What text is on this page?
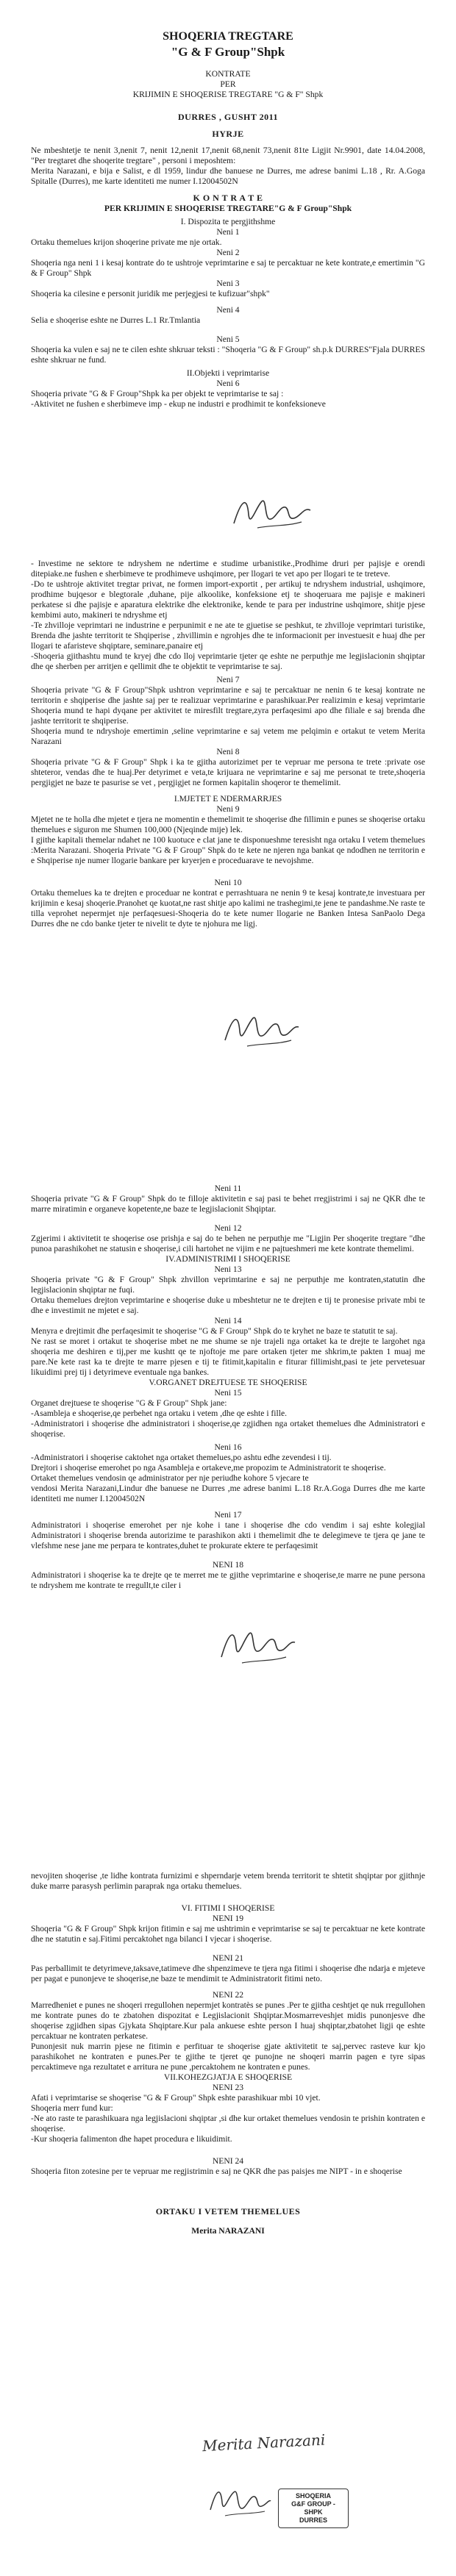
SHOQERIA TREGTARE
"G & F Group"Shpk
KONTRATE
PER
KRIJIMIN E SHOQERISE TREGTARE "G & F" Shpk
DURRES , GUSHT 2011
HYRJE
Ne mbeshtetje te nenit 3,nenit 7, nenit 12,nenit 17,nenit 68,nenit 73,nenit 81te Ligjit Nr.9901, date 14.04.2008, "Per tregtaret dhe shoqerite tregtare" , personi i meposhtem:
Merita Narazani, e bija e Salist, e dl 1959, lindur dhe banuese ne Durres, me adrese banimi L.18 , Rr. A.Goga Spitalle (Durres), me karte identiteti me numer I.12004502N
K O N T R A T E
PER KRIJIMIN E SHOQERISE TREGTARE"G & F Group"Shpk
I. Dispozita te pergjithshme
Neni 1
Ortaku themelues krijon shoqerine private me nje ortak.
Neni 2
Shoqeria nga neni 1 i kesaj kontrate do te ushtroje veprimtarine e saj te percaktuar ne kete kontrate,e emertimin "G & F Group" Shpk
Neni 3
Shoqeria ka cilesine e personit juridik me perjegjesi te kufizuar"shpk"
Neni 4
Selia e shoqerise eshte ne Durres L.1 Rr.Tmlantia
Neni 5
Shoqeria ka vulen e saj ne te cilen eshte shkruar teksti : "Shoqeria "G & F Group" sh.p.k DURRES"Fjala DURRES eshte shkruar ne fund.
II.Objekti i veprimtarise
Neni 6
Shoqeria private "G & F Group"Shpk ka per objekt te veprimtarise te saj :
-Aktivitet ne fushen e sherbimeve imp - ekup ne industri e prodhimit te konfeksioneve
- Investime ne sektore te ndryshem ne ndertime e studime urbanistike.,Prodhime druri per pajisje e orendi ditepiake.ne fushen e sherbimeve te prodhimeve ushqimore, per llogari te vet apo per llogari te te treteve.
-Do te ushtroje aktivitet tregtar privat, ne formen import-exportit , per artikuj te ndryshem industrial, ushqimore, prodhime bujqesor e blegtorale ,duhane, pije alkoolike, konfeksione etj te shoqeruara me pajisje e makineri perkatese si dhe pajisje e aparatura elektrike dhe elektronike, kende te para per industrine ushqimore, shitje pjese kembimi auto, makineri te ndryshme etj
-Te zhvilloje veprimtari ne industrine e perpunimit e ne ate te gjuetise se peshkut, te zhvilloje veprimtari turistike, Brenda dhe jashte territorit te Shqiperise , zhvillimin e ngrohjes dhe te informacionit per investuesit e huaj dhe per llogari te afaristeve shqiptare, seminare,panaire etj
-Shoqeria gjithashtu mund te kryej dhe cdo lloj veprimtarie tjeter qe eshte ne perputhje me legjislacionin shqiptar dhe qe sherben per arritjen e qellimit dhe te objektit te veprimtarise te saj.
Neni 7
Shoqeria private "G & F Group"Shpk ushtron veprimtarine e saj te percaktuar ne nenin 6 te kesaj kontrate ne territorin e shqiperise dhe jashte saj per te realizuar veprimtarine e parashikuar.Per realizimin e kesaj veprimtarie Shoqeria mund te hapi dyqane per aktivitet te miresfilt tregtare,zyra perfaqesimi apo dhe filiale e saj brenda dhe jashte territorit te shqiperise.
Shoqeria mund te ndryshoje emertimin ,seline veprimtarine e saj vetem me pelqimin e ortakut te vetem Merita Narazani
Neni 8
Shoqeria private "G & F Group" Shpk i ka te gjitha autorizimet per te vepruar me persona te trete :private ose shteteror, vendas dhe te huaj.Per detyrimet e veta,te krijuara ne veprimtarine e saj me personat te trete,shoqeria pergjigjet ne baze te pasurise se vet , pergjigjet ne formen kapitalin shoqeror te themelimit.
I.MJETET E NDERMARRJES
Neni 9
Mjetet ne te holla dhe mjetet e tjera ne momentin e themelimit te shoqerise dhe fillimin e punes se shoqerise ortaku themelues e siguron me Shumen 100,000 (Njeqinde mije) lek.
I gjithe kapitali themelar ndahet ne 100 kuotuce e clat jane te disponueshme teresisht nga ortaku I vetem themelues :Merita Narazani. Shoqeria Private "G & F Group" Shpk do te kete ne njeren nga bankat qe ndodhen ne territorin e e Shqiperise nje numer llogarie bankare per kryerjen e proceduarave te nevojshme.
Neni 10
Ortaku themelues ka te drejten e proceduar ne kontrat e perrashtuara ne nenin 9 te kesaj kontrate,te investuara per krijimin e kesaj shoqerie.Pranohet qe kuotat,ne rast shitje apo kalimi ne trashegimi,te jene te pandashme.Ne raste te tilla veprohet nepermjet nje perfaqesuesi-Shoqeria do te kete numer llogarie ne Banken Intesa SanPaolo Dega Durres dhe ne cdo banke tjeter te nivelit te dyte te njohura me ligj.
Neni 11
Shoqeria private "G & F Group" Shpk do te filloje aktivitetin e saj pasi te behet rregjistrimi i saj ne QKR dhe te marre miratimin e organeve kopetente,ne baze te legjislacionit Shqiptar.
Neni 12
Zgjerimi i aktivitetit te shoqerise ose prishja e saj do te behen ne perputhje me "Ligjin Per shoqerite tregtare "dhe punoa parashikohet ne statusin e shoqerise,i cili hartohet ne vijim e ne pajtueshmeri me kete kontrate themelimi.
IV.ADMINISTRIMI I SHOQERISE
Neni 13
Shoqeria private "G & F Group" Shpk zhvillon veprimtarine e saj ne perputhje me kontraten,statutin dhe legjislacionin shqiptar ne fuqi.
Ortaku themelues drejton veprimtarine e shoqerise duke u mbeshtetur ne te drejten e tij te pronesise private mbi te dhe e investimit ne mjetet e saj.
Neni 14
Menyra e drejtimit dhe perfaqesimit te shoqerise "G & F Group" Shpk do te kryhet ne baze te statutit te saj.
Ne rast se moret i ortakut te shoqerise mbet ne me shume se nje trajeli nga ortaket ka te drejte te largohet nga shoqeria me deshiren e tij,per me kushtt qe te njoftoje me pare ortaken tjeter me shkrim,te pakten 1 muaj me pare.Ne kete rast ka te drejte te marre pjesen e tij te fitimit,kapitalin e fiturar fillimisht,pasi te jete pervetesuar likuidimi prej tij i detyrimeve eventuale nga bankes.
V.ORGANET DREJTUESE TE SHOQERISE
Neni 15
Organet drejtuese te shoqerise "G & F Group" Shpk jane:
-Asambleja e shoqerise,qe perbehet nga ortaku i vetem ,dhe qe eshte i fille.
-Administratori i shoqerise dhe administratori i shoqerise,qe zgjidhen nga ortaket themelues dhe Administratori e shoqerise.
Neni 16
-Administratori i shoqerise caktohet nga ortaket themelues,po ashtu edhe zevendesi i tij.
Drejtori i shoqerise emerohet po nga Asambleja e ortakeve,me propozim te Administratorit te shoqerise.
Ortaket themelues vendosin qe administrator per nje periudhe kohore 5 vjecare te
vendosi Merita Narazani,Lindur dhe banuese ne Durres ,me adrese banimi L.18 Rr.A.Goga Durres dhe me karte identiteti me numer I.12004502N
Neni 17
Administratori i shoqerise emerohet per nje kohe i tane i shoqerise dhe cdo vendim i saj eshte kolegjial Administratori i shoqerise brenda autorizime te parashikon akti i themelimit dhe te delegimeve te tjera qe jane te vlefshme nese jane me perpara te kontrates,duhet te prokurate ektere te perfaqesimit
NENI 18
Administratori i shoqerise ka te drejte qe te merret me te gjithe veprimtarine e shoqerise,te marre ne pune persona te ndryshem me kontrate te rregullt,te ciler i
nevojiten shoqerise ,te lidhe kontrata furnizimi e shperndarje vetem brenda territorit te shtetit shqiptar por gjithnje duke marre parasysh perlimin paraprak nga ortaku themelues.
VI. FITIMI I SHOQERISE
NENI 19
Shoqeria "G & F Group" Shpk krijon fitimin e saj me ushtrimin e veprimtarise se saj te percaktuar ne kete kontrate dhe ne statutin e saj.Fitimi percaktohet nga bilanci I vjecar i shoqerise.
NENI 21
Pas perballimit te detyrimeve,taksave,tatimeve dhe shpenzimeve te tjera nga fitimi i shoqerise dhe ndarja e mjeteve per pagat e punonjeve te shoqerise,ne baze te mendimit te Administratorit fitimi neto.
NENI 22
Marredheniet e punes ne shoqeri rregullohen nepermjet kontratès se punes .Per te gjitha ceshtjet qe nuk rregullohen me kontrate punes do te zbatohen dispozitat e Legjislacionit Shqiptar.Mosmarreveshjet midis punonjesve dhe shoqerise zgjidhen sipas Gjykata Shqiptare.Kur pala ankuese eshte person I huaj shqiptar,zbatohet ligji qe eshte percaktuar ne kontraten perkatese.
Punonjesit nuk marrin pjese ne fitimin e perfituar te shoqerise gjate aktivitetit te saj,pervec rasteve kur kjo parashikohet ne kontraten e punes.Per te gjithe te tjeret qe punojne ne shoqeri marrin pagen e tyre sipas percaktimeve nga rezultatet e arritura ne pune ,percaktohem ne kontraten e punes.
VII.KOHEZGJATJA E SHOQERISE
NENI 23
Afati i veprimtarise se shoqerise "G & F Group" Shpk eshte parashikuar mbi 10 vjet.
Shoqeria merr fund kur:
-Ne ato raste te parashikuara nga legjislacioni shqiptar ,si dhe kur ortaket themelues vendosin te prishin kontraten e shoqerise.
-Kur shoqeria falimenton dhe hapet procedura e likuidimit.
NENI 24
Shoqeria fiton zotesine per te vepruar me regjistrimin e saj ne QKR dhe pas paisjes me NIPT - in e shoqerise
ORTAKU I VETEM THEMELUES
Merita NARAZANI
Merita Narazani
SHOQERIA
G&F GROUP - SHPK
DURRES
